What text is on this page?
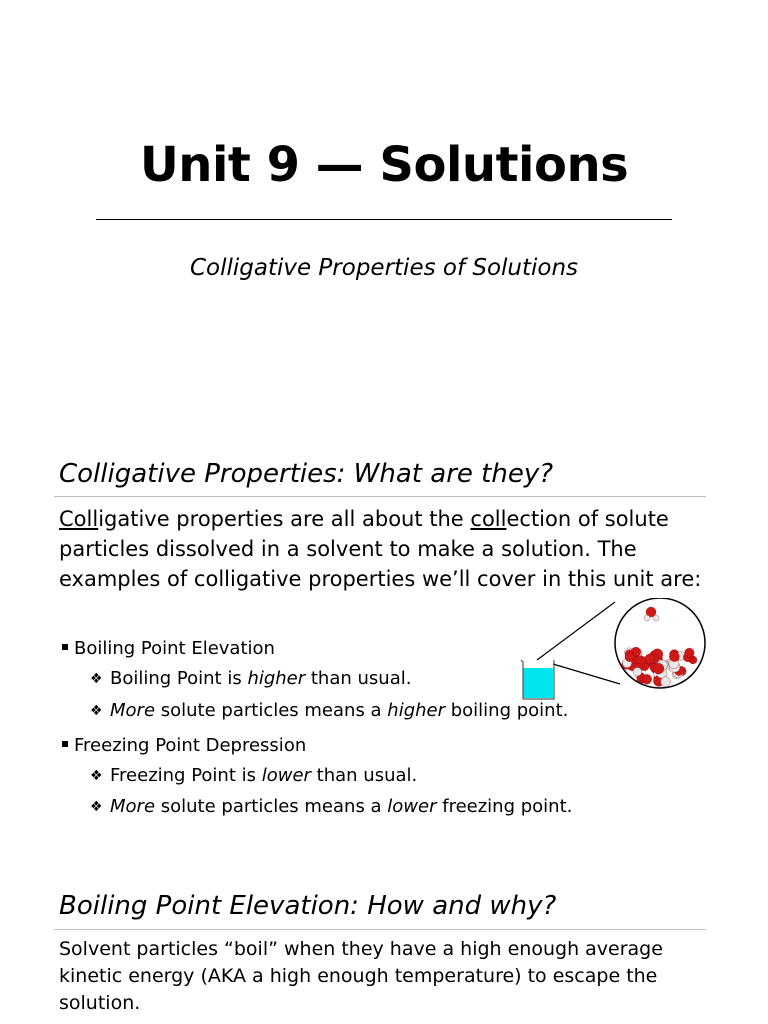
Unit 9 — Solutions
Colligative Properties of Solutions
Colligative Properties: What are they?
Colligative properties are all about the collection of solute particles dissolved in a solvent to make a solution. The examples of colligative properties we’ll cover in this unit are:
Boiling Point Elevation
❖ Boiling Point is higher than usual.
❖ More solute particles means a higher boiling point.
Freezing Point Depression
❖ Freezing Point is lower than usual.
❖ More solute particles means a lower freezing point.
Boiling Point Elevation: How and why?
Solvent particles “boil” when they have a high enough average kinetic energy (AKA a high enough temperature) to escape the solution.
